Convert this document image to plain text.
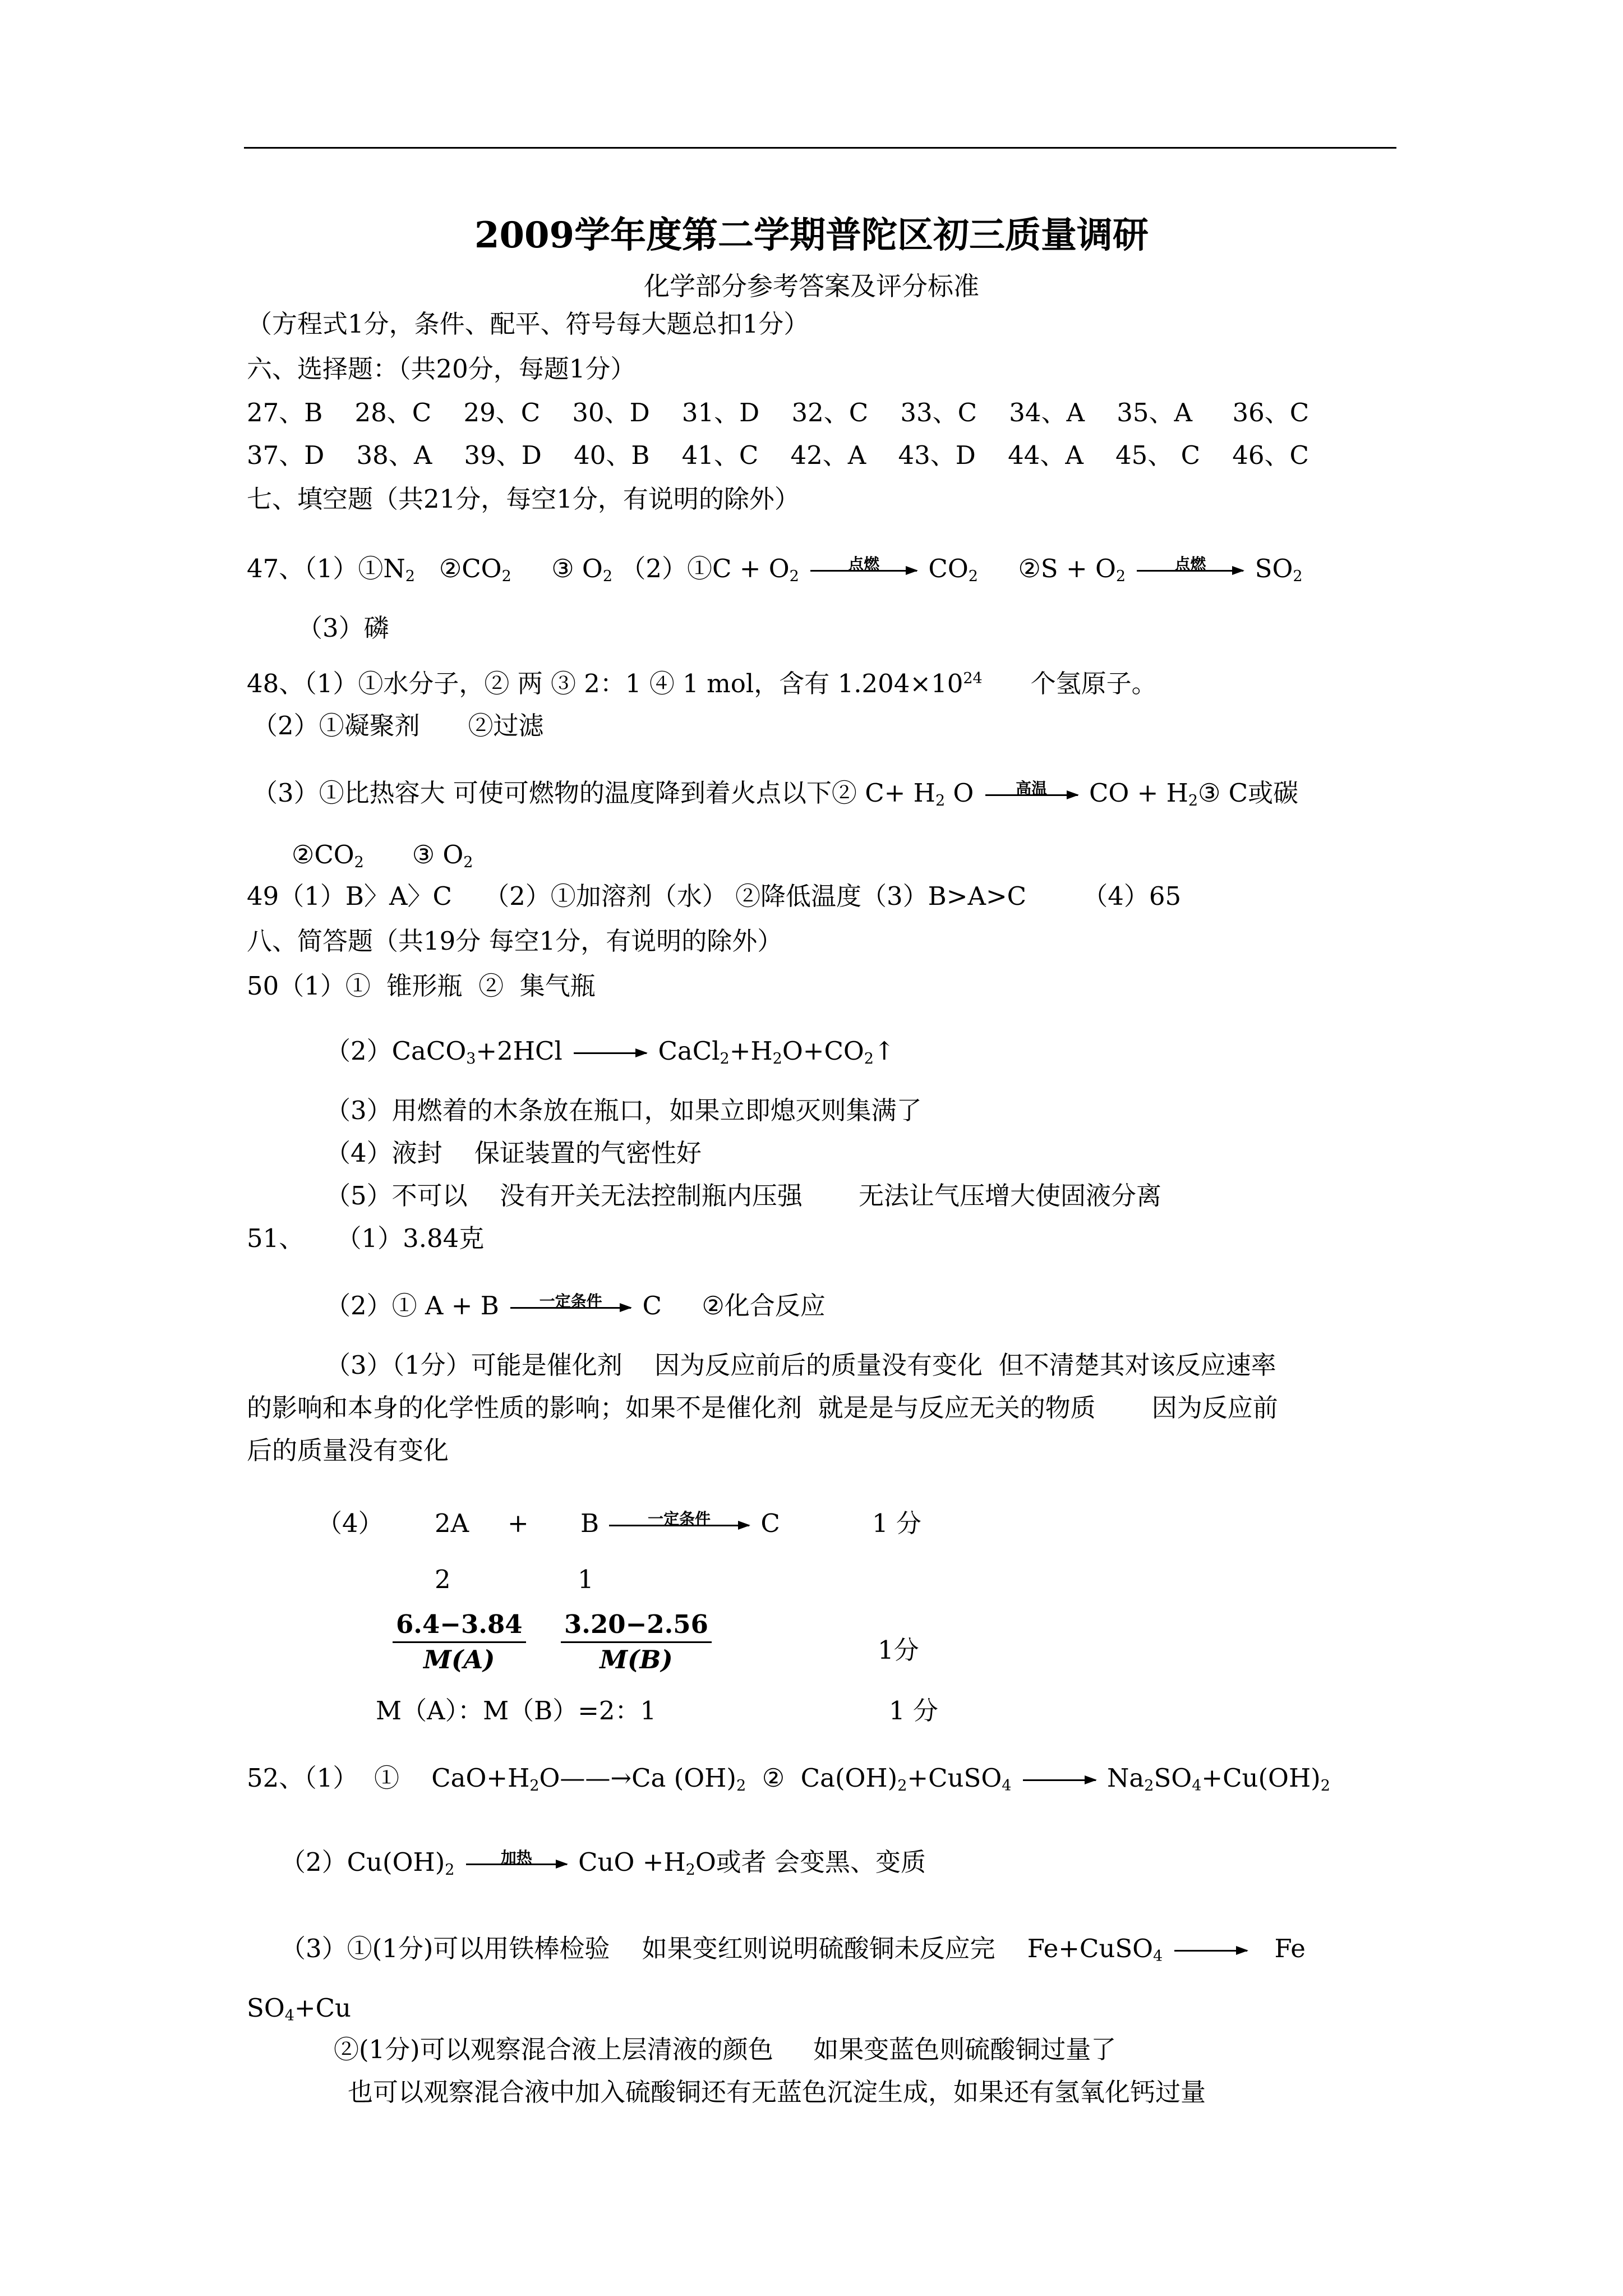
2009学年度第二学期普陀区初三质量调研
化学部分参考答案及评分标准
（方程式1分，条件、配平、符号每大题总扣1分）
六、选择题：（共20分，每题1分）
27、B    28、C    29、C    30、D    31、D    32、C    33、C    34、A    35、A     36、C
37、D    38、A    39、D    40、B    41、C    42、A    43、D    44、A    45、 C    46、C
七、填空题（共21分，每空1分，有说明的除外）
47、$(1)①N_2$ $②CO_2$ ③ $O_2$ （2）①C + $O_2$
点燃	$CO_2$ ②S + $O_2$
点燃	$SO_2$
（3）磷
48、（1）①水分子，② 两 ③ 2：1 ④ 1 mol，含有 $1.204\times 10^{24}$ 个氢原子。
（2）①凝聚剂      ②过滤
（3）①比热容大 可使可燃物的温度降到着火点以下② $C+ H_2$ O	高温	CO + $H_2③$ C或碳
$②CO_2$ ③ $O_2$
49（1）B〉A〉C    （2）①加溶剂（水） ②降低温度（3）B>A>C       （4）65
八、简答题（共19分 每空1分，有说明的除外）
50（1）①  锥形瓶  ②  集气瓶
（2）CaCO$_3$+2HCl → $CaCl_2+H_2O+CO_2↑$
（3）用燃着的木条放在瓶口，如果立即熄灭则集满了
（4）液封    保证装置的气密性好
（5）不可以    没有开关无法控制瓶内压强       无法让气压增大使固液分离
51、    （1）3.84克
（2）① A + B	一定条件	C     ②化合反应
（3）（1分）可能是催化剂    因为反应前后的质量没有变化  但不清楚其对该反应速率
的影响和本身的化学性质的影响；如果不是催化剂  就是是与反应无关的物质       因为反应前
后的质量没有变化
（4） 2A + B	一定条件	C	1 分
2	1
$\frac{6.4-3.84}{M(A)} \frac{3.20-2.56}{M(B)}$	1分
M（A）：M（B）=2：1	1 分
52、（1）  ①    $CaO+H_2O——\to Ca$ $(OH)_2$ ②  $Ca(OH)_2+CuSO_4 \to Na_2SO_4+Cu(OH)_2$
$(2)Cu(OH)_2$
加热	CuO $+H_2O$或者 会变黑、变质
（3）①(1分)可以用铁棒检验    如果变红则说明硫酸铜未反应完    Fe+CuSO$_4$ → Fe
$SO_4+Cu$
②(1分)可以观察混合液上层清液的颜色     如果变蓝色则硫酸铜过量了
也可以观察混合液中加入硫酸铜还有无蓝色沉淀生成，如果还有氢氧化钙过量
